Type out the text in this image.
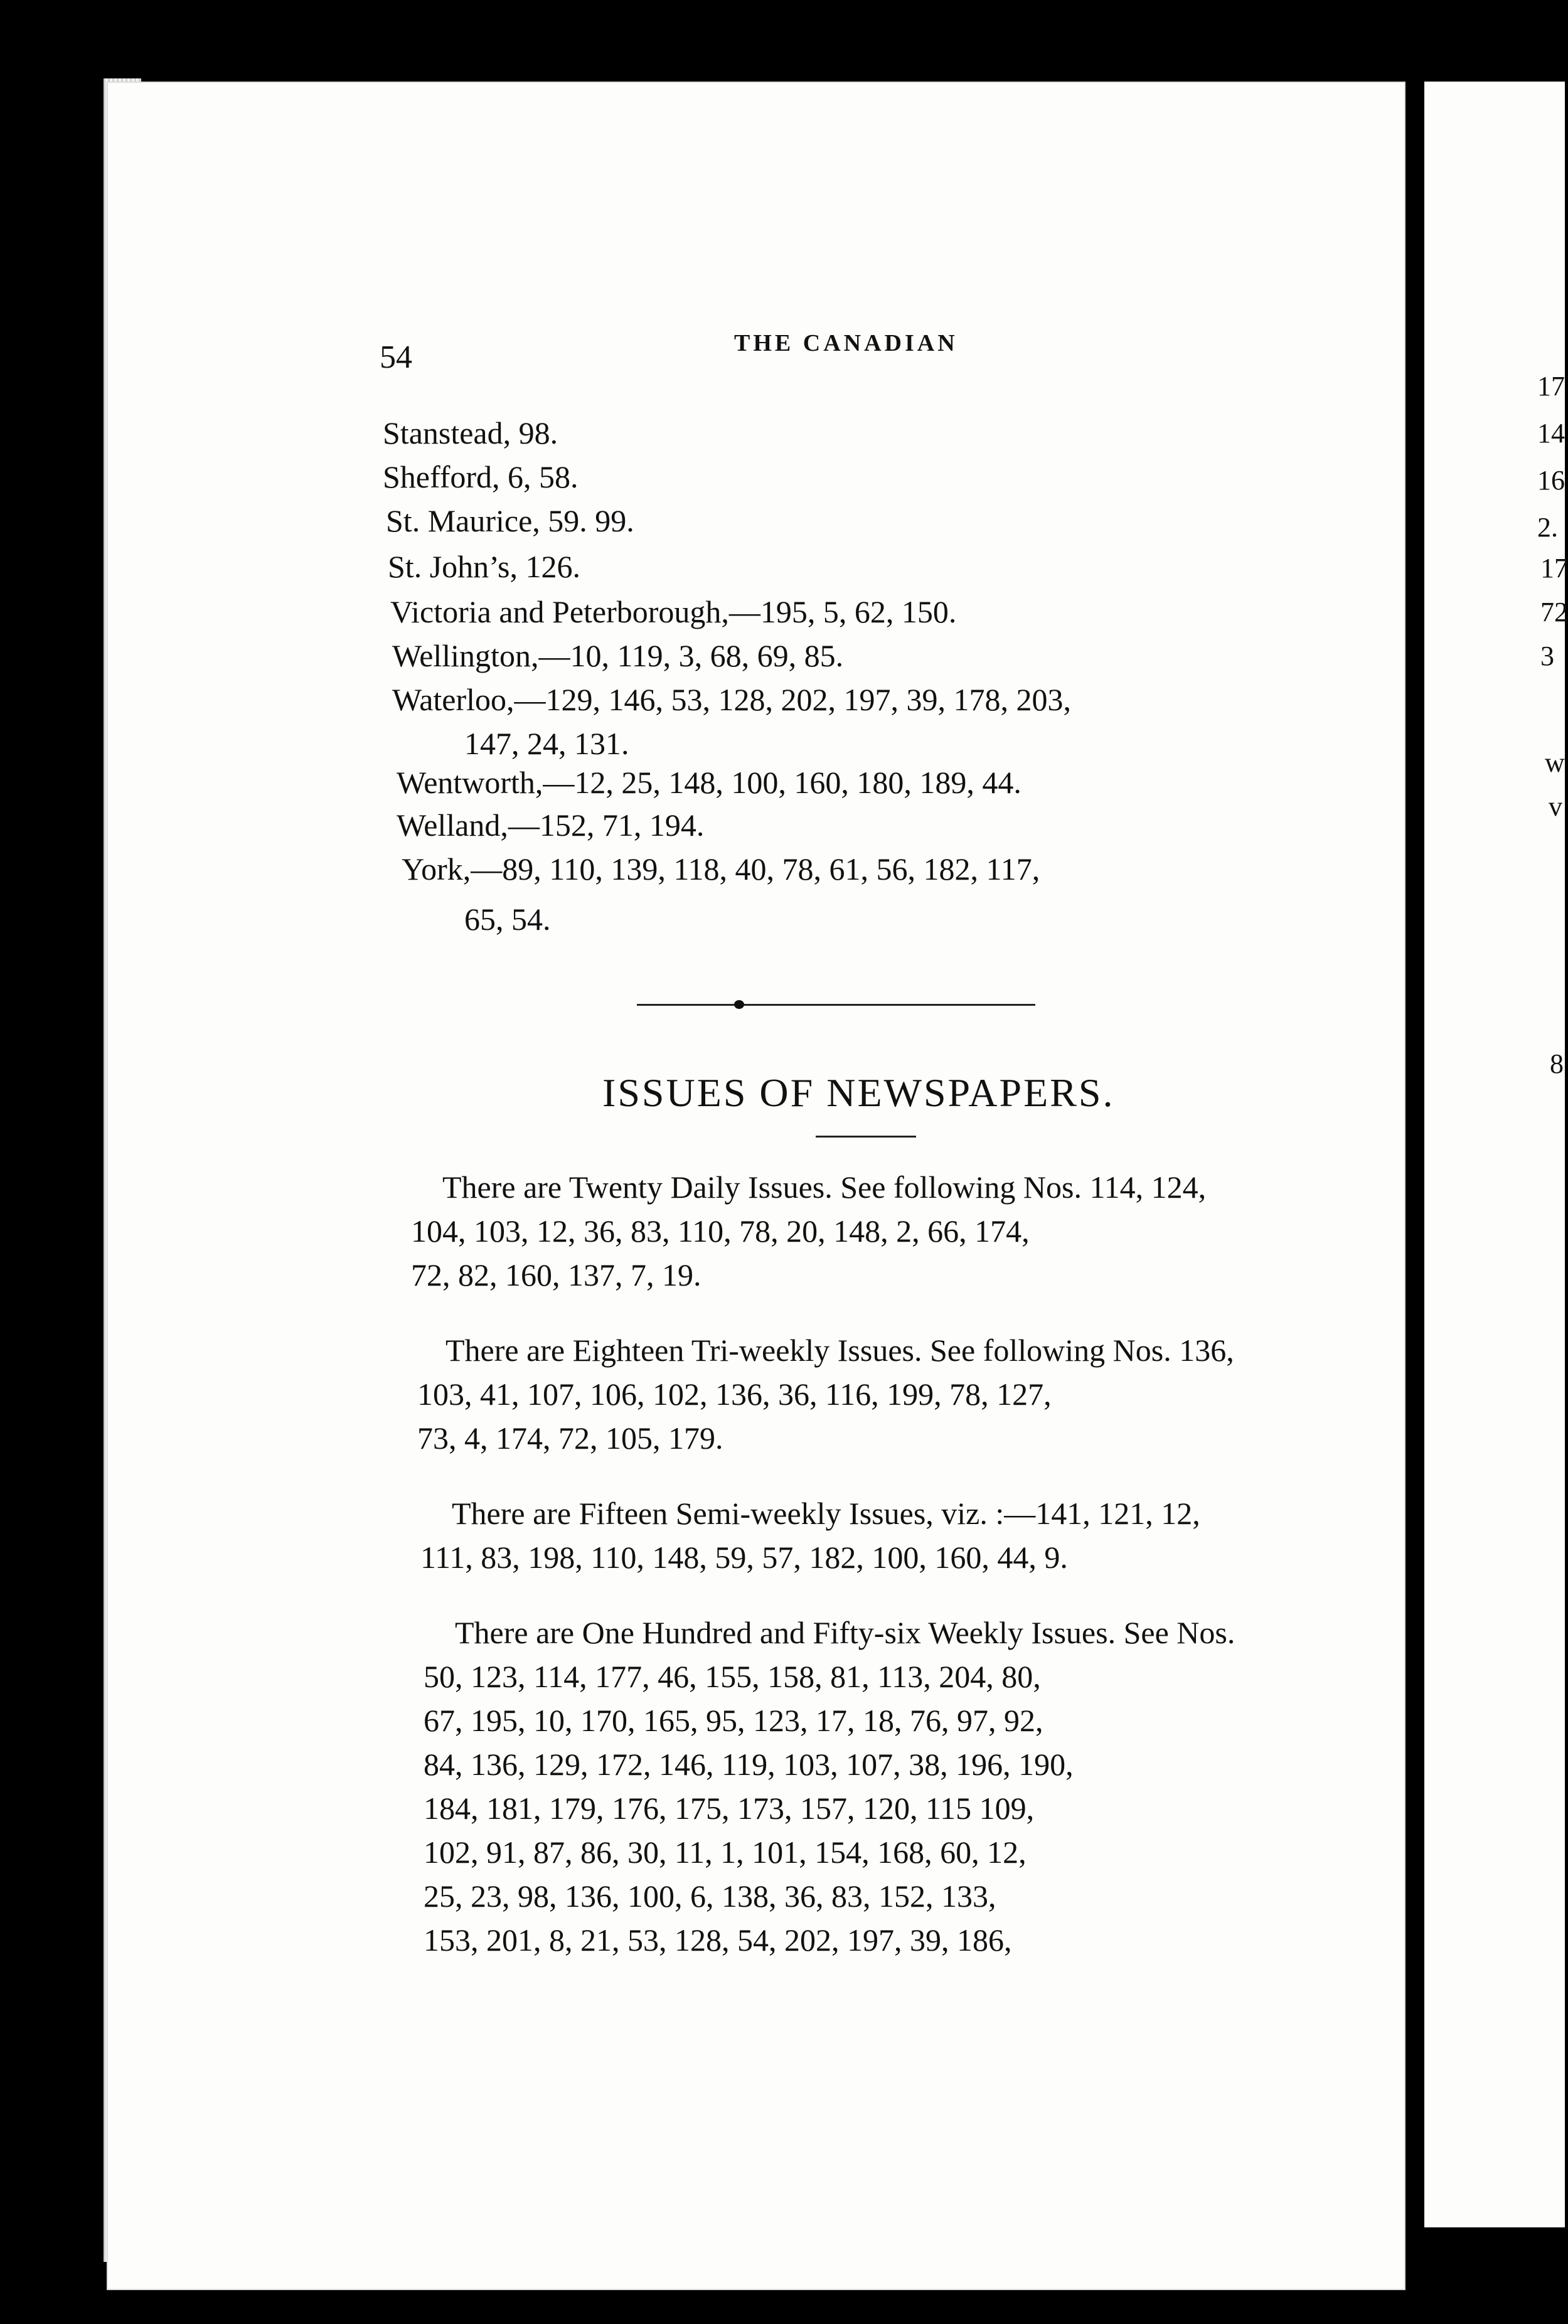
54	THE CANADIAN
Stanstead, 98.
Shefford, 6, 58.
St. Maurice, 59. 99.
St. John’s, 126.
Victoria and Peterborough,—195, 5, 62, 150.
Wellington,—10, 119, 3, 68, 69, 85.
Waterloo,—129, 146, 53, 128, 202, 197, 39, 178, 203,
147, 24, 131.
Wentworth,—12, 25, 148, 100, 160, 180, 189, 44.
Welland,—152, 71, 194.
York,—89, 110, 139, 118, 40, 78, 61, 56, 182, 117,
65, 54.
ISSUES OF NEWSPAPERS.
There are Twenty Daily Issues. See following Nos. 114, 124,
104, 103, 12, 36, 83, 110, 78, 20, 148, 2, 66, 174,
72, 82, 160, 137, 7, 19.
There are Eighteen Tri-weekly Issues. See following Nos. 136,
103, 41, 107, 106, 102, 136, 36, 116, 199, 78, 127,
73, 4, 174, 72, 105, 179.
There are Fifteen Semi-weekly Issues, viz. :—141, 121, 12,
111, 83, 198, 110, 148, 59, 57, 182, 100, 160, 44, 9.
There are One Hundred and Fifty-six Weekly Issues. See Nos.
50, 123, 114, 177, 46, 155, 158, 81, 113, 204, 80,
67, 195, 10, 170, 165, 95, 123, 17, 18, 76, 97, 92,
84, 136, 129, 172, 146, 119, 103, 107, 38, 196, 190,
184, 181, 179, 176, 175, 173, 157, 120, 115 109,
102, 91, 87, 86, 30, 11, 1, 101, 154, 168, 60, 12,
25, 23, 98, 136, 100, 6, 138, 36, 83, 152, 133,
153, 201, 8, 21, 53, 128, 54, 202, 197, 39, 186,
17
14
16
2.
17
72
3
w
v
8
